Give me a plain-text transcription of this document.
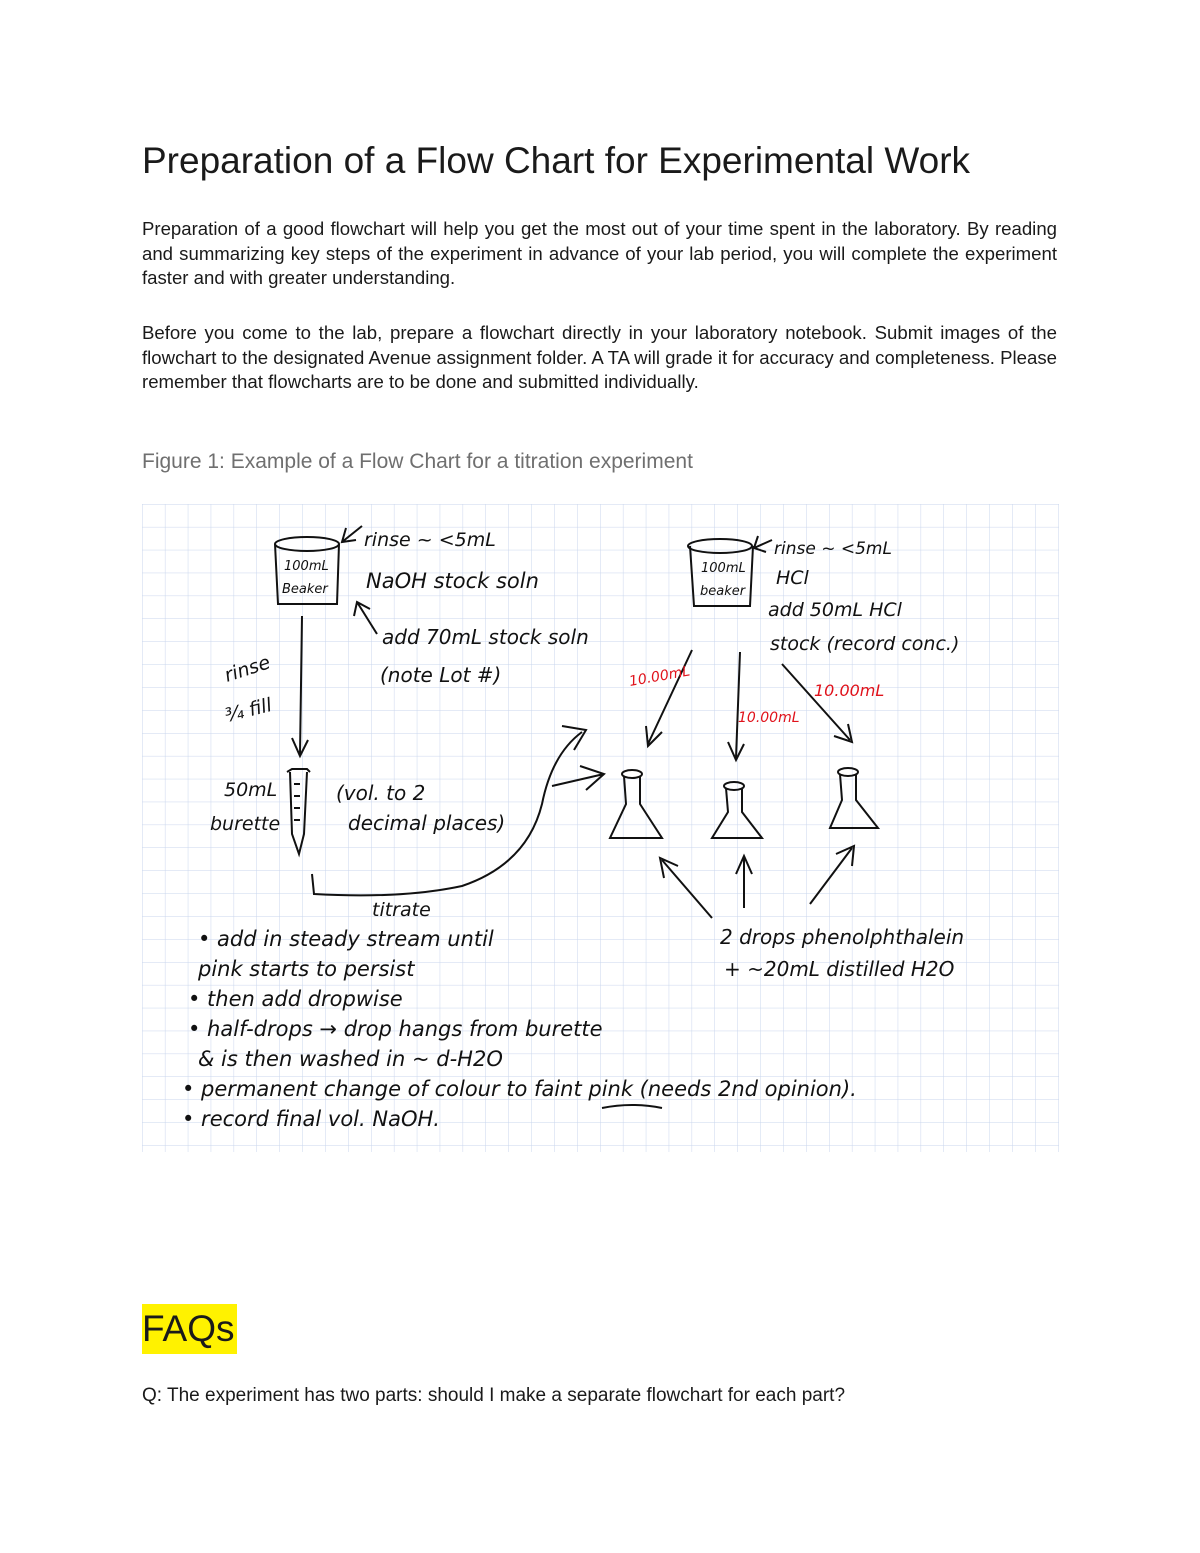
Preparation of a Flow Chart for Experimental Work

Preparation of a good flowchart will help you get the most out of your time spent in the laboratory. By reading and summarizing key steps of the experiment in advance of your lab period, you will complete the experiment faster and with greater understanding.

Before you come to the lab, prepare a flowchart directly in your laboratory notebook. Submit images of the flowchart to the designated Avenue assignment folder. A TA will grade it for accuracy and completeness. Please remember that flowcharts are to be done and submitted individually.

Figure 1: Example of a Flow Chart for a titration experiment

100mL
Beaker
rinse ~ <5mL
NaOH stock soln
add 70mL stock soln
(note Lot #)
rinse
¾ fill
50mL
burette
(vol. to 2
decimal places)
titrate
100mL
beaker
rinse ~ <5mL
HCl
add 50mL HCl
stock (record conc.)
10.00mL
10.00mL
10.00mL
2 drops phenolphthalein
+ ~20mL distilled H2O
• add in steady stream until
pink starts to persist
• then add dropwise
• half-drops → drop hangs from burette
& is then washed in ~ d-H2O
• permanent change of colour to faint pink (needs 2nd opinion).
• record final vol. NaOH.
FAQs

Q: The experiment has two parts: should I make a separate flowchart for each part?
